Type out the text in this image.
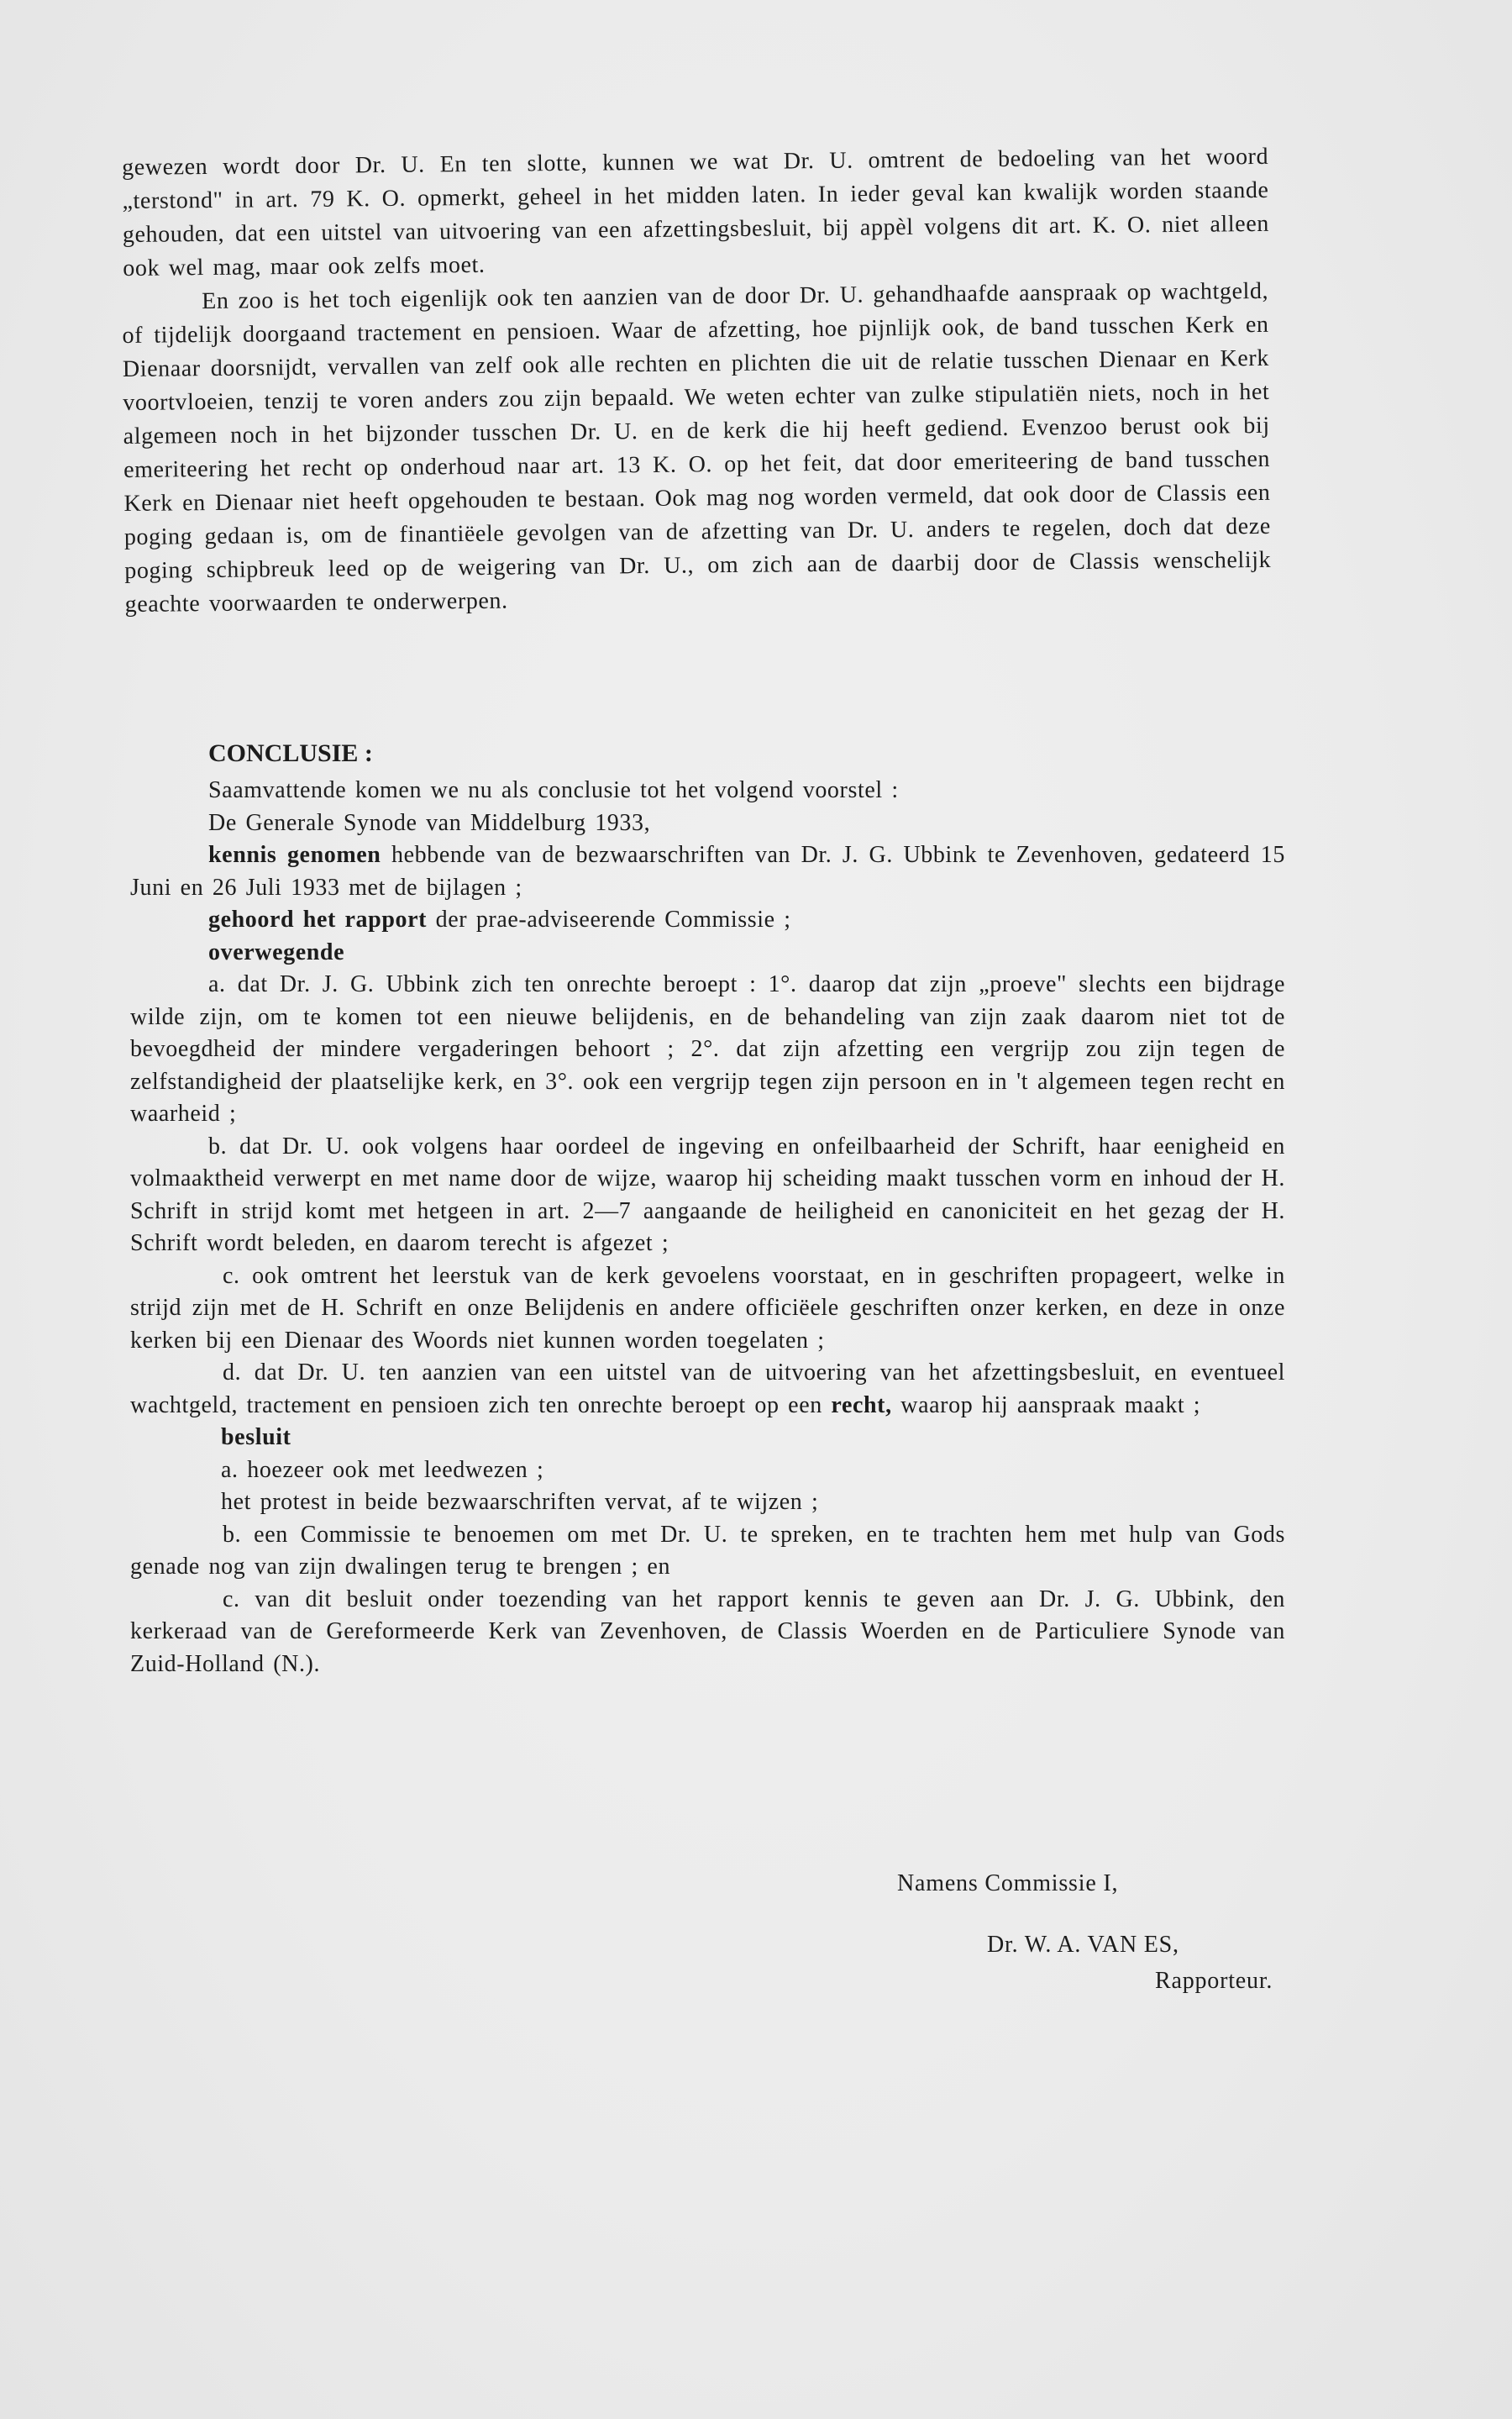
gewezen wordt door Dr. U. En ten slotte, kunnen we wat Dr. U. omtrent de bedoeling van het woord „terstond" in art. 79 K. O. opmerkt, geheel in het midden laten. In ieder geval kan kwalijk worden staande gehouden, dat een uitstel van uitvoering van een afzettingsbesluit, bij appèl volgens dit art. K. O. niet alleen ook wel mag, maar ook zelfs moet.

En zoo is het toch eigenlijk ook ten aanzien van de door Dr. U. gehandhaafde aanspraak op wachtgeld, of tijdelijk doorgaand tractement en pensioen. Waar de afzetting, hoe pijnlijk ook, de band tusschen Kerk en Dienaar doorsnijdt, vervallen van zelf ook alle rechten en plichten die uit de relatie tusschen Dienaar en Kerk voortvloeien, tenzij te voren anders zou zijn bepaald. We weten echter van zulke stipulatiën niets, noch in het algemeen noch in het bijzonder tusschen Dr. U. en de kerk die hij heeft gediend. Evenzoo berust ook bij emeriteering het recht op onderhoud naar art. 13 K. O. op het feit, dat door emeriteering de band tusschen Kerk en Dienaar niet heeft opgehouden te bestaan. Ook mag nog worden vermeld, dat ook door de Classis een poging gedaan is, om de finantiëele gevolgen van de afzetting van Dr. U. anders te regelen, doch dat deze poging schipbreuk leed op de weigering van Dr. U., om zich aan de daarbij door de Classis wenschelijk geachte voorwaarden te onderwerpen.

CONCLUSIE :

Saamvattende komen we nu als conclusie tot het volgend voorstel :
De Generale Synode van Middelburg 1933,
kennis genomen hebbende van de bezwaarschriften van Dr. J. G. Ubbink te Zevenhoven, gedateerd 15 Juni en 26 Juli 1933 met de bijlagen ;
gehoord het rapport der prae-adviseerende Commissie ;
overwegende
a. dat Dr. J. G. Ubbink zich ten onrechte beroept : 1°. daarop dat zijn „proeve" slechts een bijdrage wilde zijn, om te komen tot een nieuwe belijdenis, en de behandeling van zijn zaak daarom niet tot de bevoegdheid der mindere vergaderingen behoort ; 2°. dat zijn afzetting een vergrijp zou zijn tegen de zelfstandigheid der plaatselijke kerk, en 3°. ook een vergrijp tegen zijn persoon en in 't algemeen tegen recht en waarheid ;
b. dat Dr. U. ook volgens haar oordeel de ingeving en onfeilbaarheid der Schrift, haar eenigheid en volmaaktheid verwerpt en met name door de wijze, waarop hij scheiding maakt tusschen vorm en inhoud der H. Schrift in strijd komt met hetgeen in art. 2—7 aangaande de heiligheid en canoniciteit en het gezag der H. Schrift wordt beleden, en daarom terecht is afgezet ;
c. ook omtrent het leerstuk van de kerk gevoelens voorstaat, en in geschriften propageert, welke in strijd zijn met de H. Schrift en onze Belijdenis en andere officiëele geschriften onzer kerken, en deze in onze kerken bij een Dienaar des Woords niet kunnen worden toegelaten ;
d. dat Dr. U. ten aanzien van een uitstel van de uitvoering van het afzettingsbesluit, en eventueel wachtgeld, tractement en pensioen zich ten onrechte beroept op een recht, waarop hij aanspraak maakt ;
besluit
a. hoezeer ook met leedwezen ;
het protest in beide bezwaarschriften vervat, af te wijzen ;
b. een Commissie te benoemen om met Dr. U. te spreken, en te trachten hem met hulp van Gods genade nog van zijn dwalingen terug te brengen ; en
c. van dit besluit onder toezending van het rapport kennis te geven aan Dr. J. G. Ubbink, den kerkeraad van de Gereformeerde Kerk van Zevenhoven, de Classis Woerden en de Particuliere Synode van Zuid-Holland (N.).

Namens Commissie I,

Dr. W. A. VAN ES,

Rapporteur.
